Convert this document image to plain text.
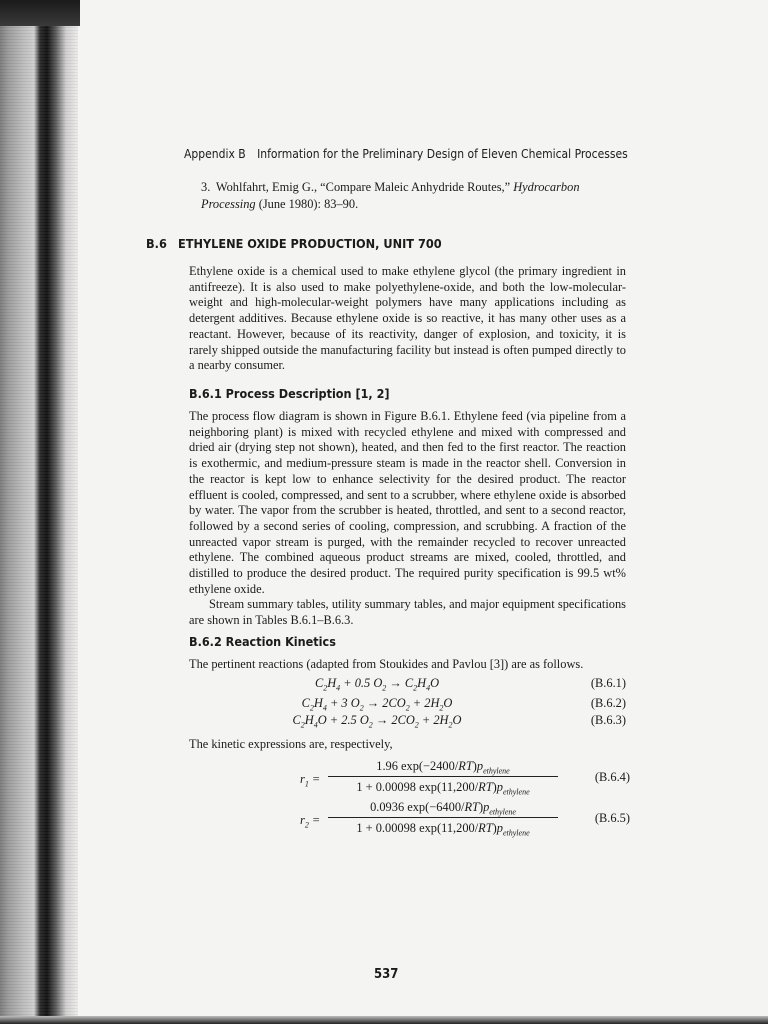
Appendix B Information for the Preliminary Design of Eleven Chemical Processes
3. Wohlfahrt, Emig G., “Compare Maleic Anhydride Routes,” Hydrocarbon Processing (June 1980): 83–90.
B.6 ETHYLENE OXIDE PRODUCTION, UNIT 700
Ethylene oxide is a chemical used to make ethylene glycol (the primary ingredient in antifreeze). It is also used to make polyethylene-oxide, and both the low-molecular-weight and high-molecular-weight polymers have many applications including as detergent additives. Because ethylene oxide is so reactive, it has many other uses as a reactant. However, because of its reactivity, danger of explosion, and toxicity, it is rarely shipped outside the manufacturing facility but instead is often pumped directly to a nearby consumer.
B.6.1 Process Description [1, 2]
The process flow diagram is shown in Figure B.6.1. Ethylene feed (via pipeline from a neighboring plant) is mixed with recycled ethylene and mixed with compressed and dried air (drying step not shown), heated, and then fed to the first reactor. The reaction is exothermic, and medium-pressure steam is made in the reactor shell. Conversion in the reactor is kept low to enhance selectivity for the desired product. The reactor effluent is cooled, compressed, and sent to a scrubber, where ethylene oxide is absorbed by water. The vapor from the scrubber is heated, throttled, and sent to a second reactor, followed by a second series of cooling, compression, and scrubbing. A fraction of the unreacted vapor stream is purged, with the remainder recycled to recover unreacted ethylene. The combined aqueous product streams are mixed, cooled, throttled, and distilled to produce the desired product. The required purity specification is 99.5 wt% ethylene oxide.
Stream summary tables, utility summary tables, and major equipment specifications are shown in Tables B.6.1–B.6.3.
B.6.2 Reaction Kinetics
The pertinent reactions (adapted from Stoukides and Pavlou [3]) are as follows.
$C_2H_4 + 0.5$ $O_2 \to C_2H_4O$	(B.6.1)
$C_2H_4 + 3$ $O_2 \to 2CO_2 + 2H_2O$	(B.6.2)
$C_2H_4O + 2.5$ $O_2 \to 2CO_2 + 2H_2O$	(B.6.3)
The kinetic expressions are, respectively,
$r_1$ =
1.96 $\exp(-2400/RT)p_{ethylene}$
1 + 0.00098 $\exp(11,200/RT)p_{ethylene}$
(B.6.4)
$r_2$ =
0.0936 $\exp(-6400/RT)p_{ethylene}$
1 + 0.00098 $\exp(11,200/RT)p_{ethylene}$
(B.6.5)
537
